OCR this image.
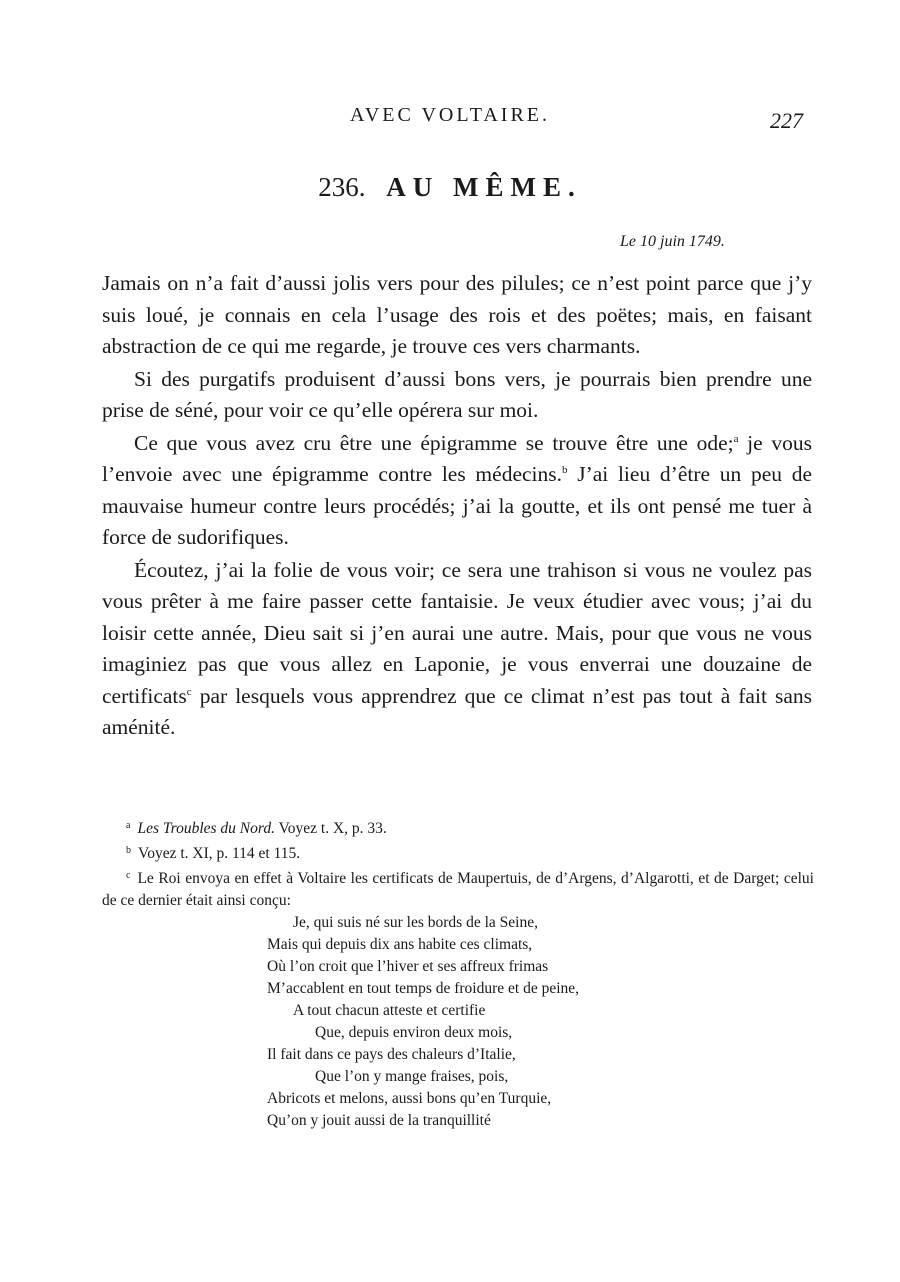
AVEC VOLTAIRE.	227
236. AU MÊME.
Le 10 juin 1749.

Jamais on n’a fait d’aussi jolis vers pour des pilules; ce n’est point parce que j’y suis loué, je connais en cela l’usage des rois et des poëtes; mais, en faisant abstraction de ce qui me regarde, je trouve ces vers charmants.

Si des purgatifs produisent d’aussi bons vers, je pourrais bien prendre une prise de séné, pour voir ce qu’elle opérera sur moi.

Ce que vous avez cru être une épigramme se trouve être une ode;$^a$ je vous l’envoie avec une épigramme contre les médecins.$^b$ J’ai lieu d’être un peu de mauvaise humeur contre leurs procédés; j’ai la goutte, et ils ont pensé me tuer à force de sudorifiques.

Écoutez, j’ai la folie de vous voir; ce sera une trahison si vous ne voulez pas vous prêter à me faire passer cette fantaisie. Je veux étudier avec vous; j’ai du loisir cette année, Dieu sait si j’en aurai une autre. Mais, pour que vous ne vous imaginiez pas que vous allez en Laponie, je vous enverrai une douzaine de certificats$^c$ par lesquels vous apprendrez que ce climat n’est pas tout à fait sans aménité.

$^a$ Les Troubles du Nord. Voyez t. X, p. 33.

$^b$ Voyez t. XI, p. 114 et 115.

$^c$ Le Roi envoya en effet à Voltaire les certificats de Maupertuis, de d’Argens, d’Algarotti, et de Darget; celui de ce dernier était ainsi conçu:

Je, qui suis né sur les bords de la Seine,
Mais qui depuis dix ans habite ces climats,
Où l’on croit que l’hiver et ses affreux frimas
M’accablent en tout temps de froidure et de peine,
A tout chacun atteste et certifie
Que, depuis environ deux mois,
Il fait dans ce pays des chaleurs d’Italie,
Que l’on y mange fraises, pois,
Abricots et melons, aussi bons qu’en Turquie,
Qu’on y jouit aussi de la tranquillité
